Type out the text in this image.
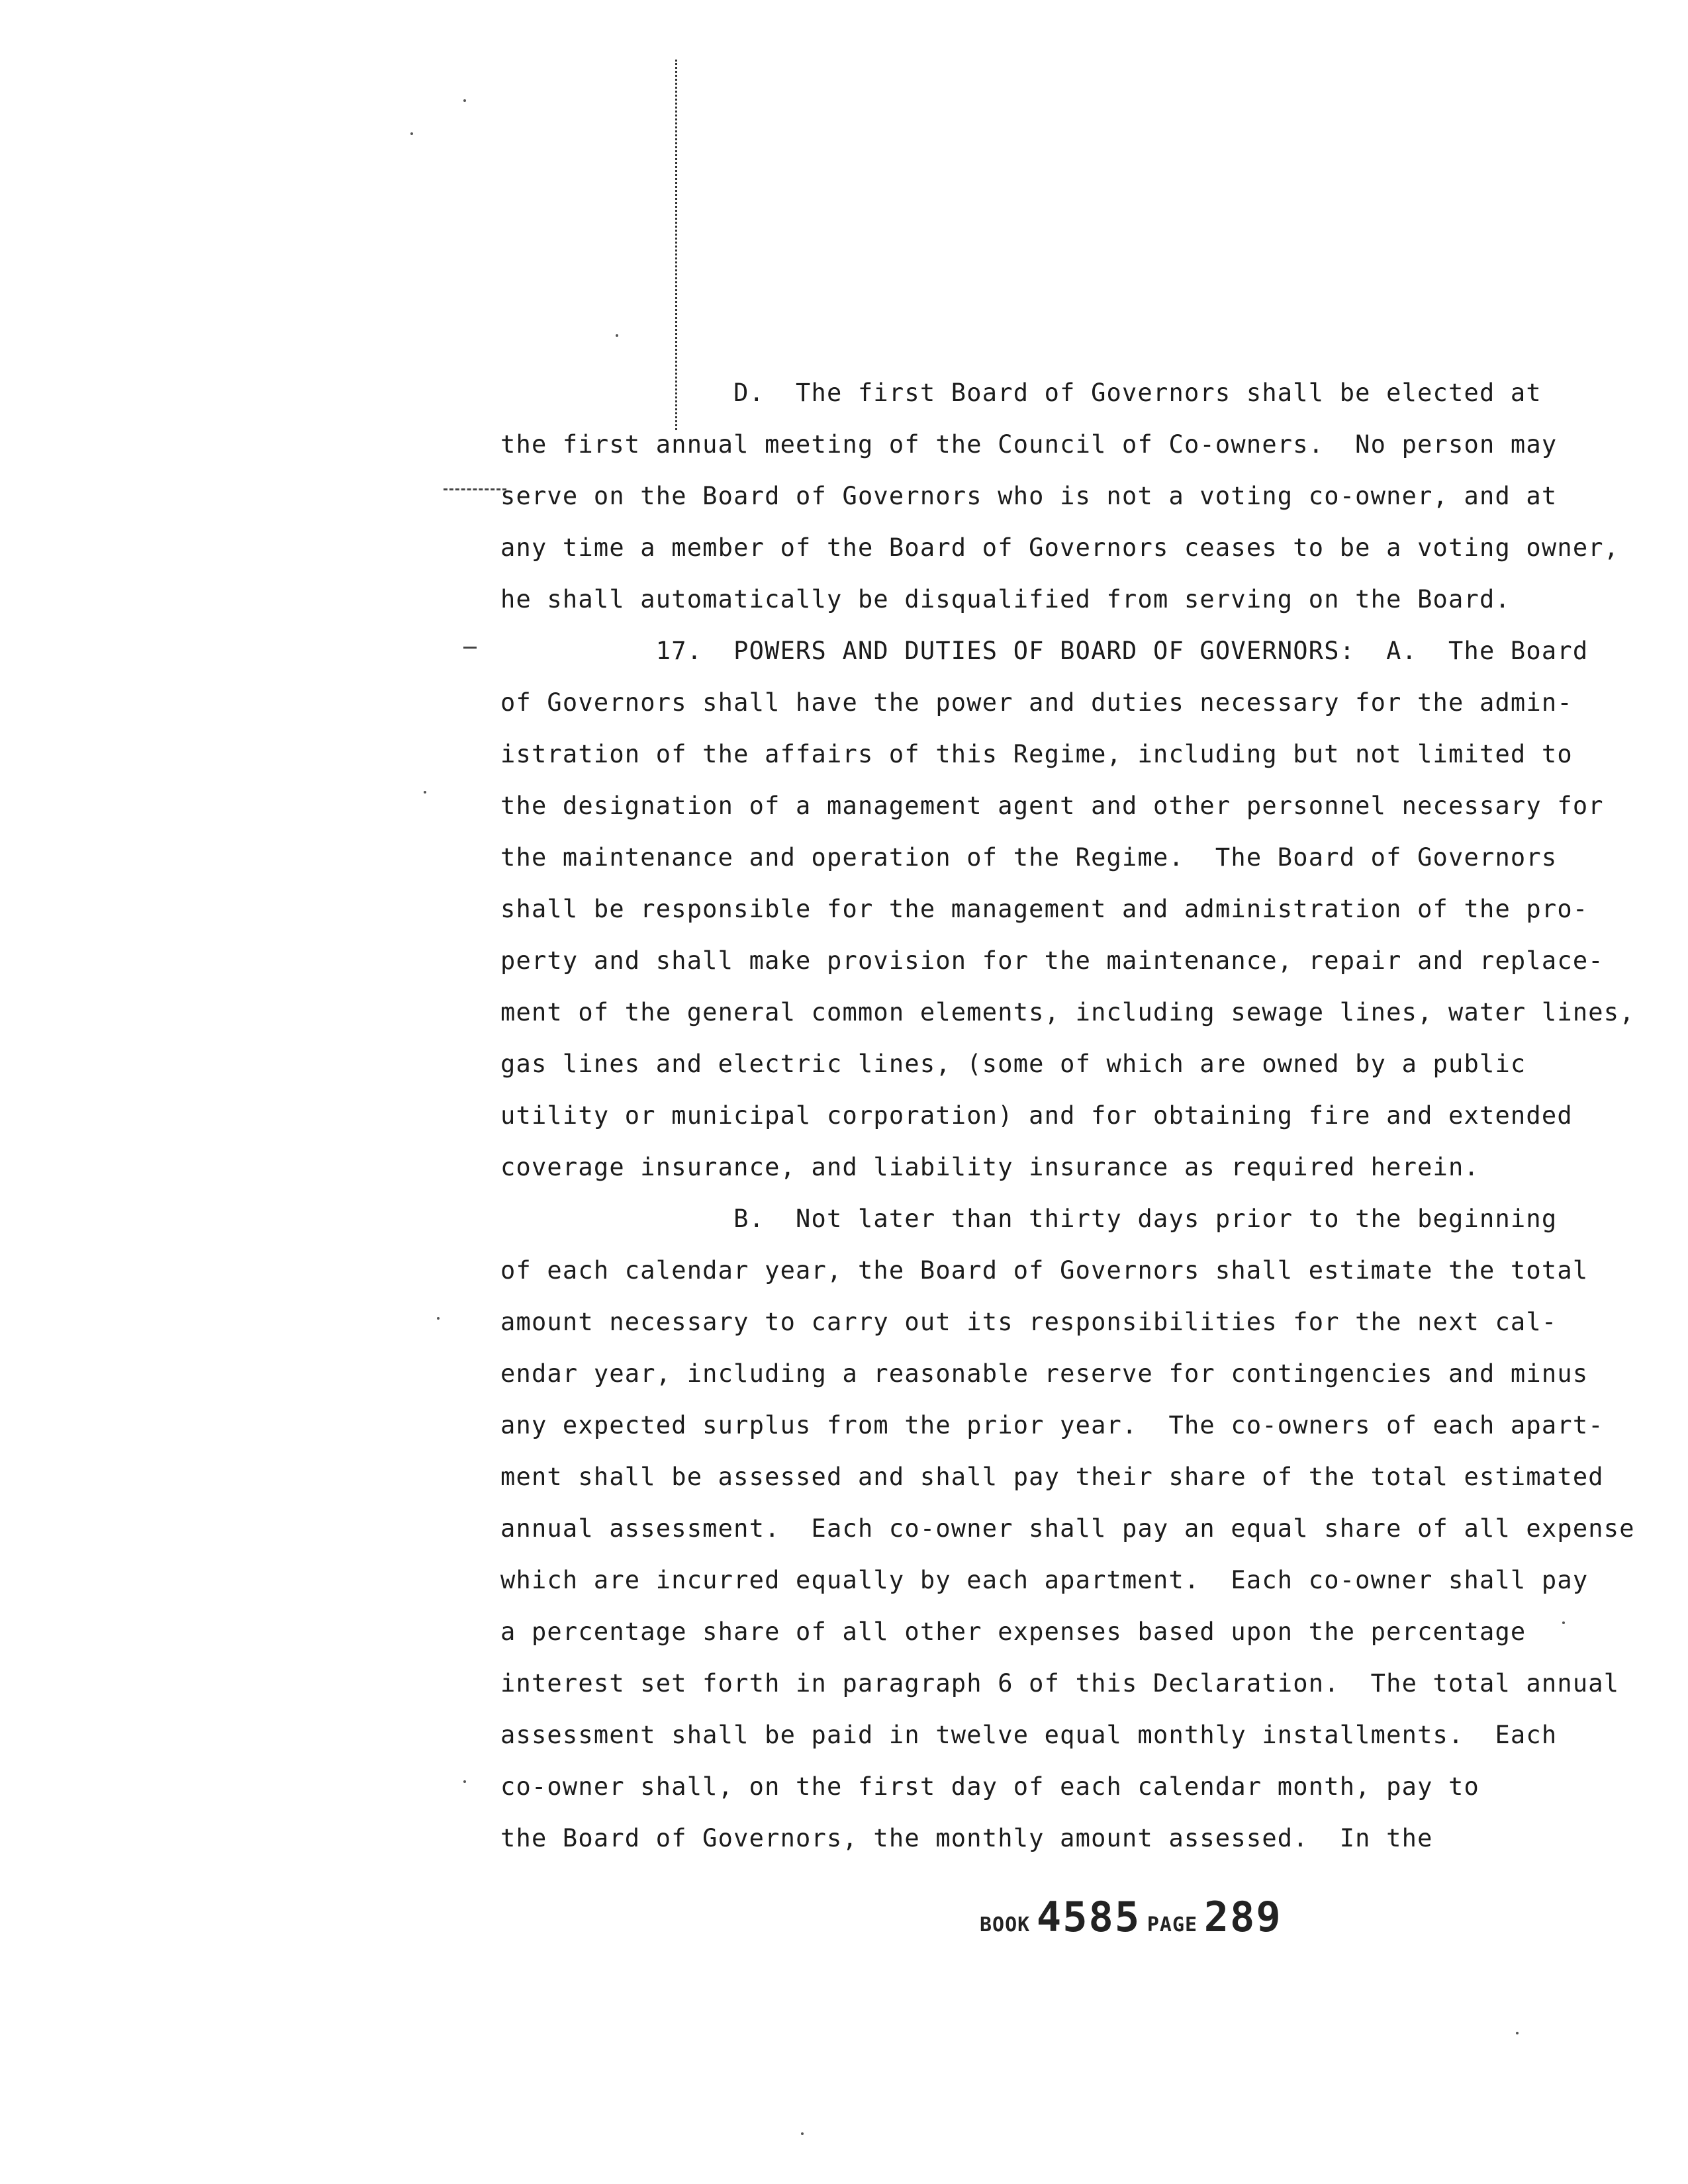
D.  The first Board of Governors shall be elected at
the first annual meeting of the Council of Co-owners.  No person may
serve on the Board of Governors who is not a voting co-owner, and at
any time a member of the Board of Governors ceases to be a voting owner,
he shall automatically be disqualified from serving on the Board.
17.  POWERS AND DUTIES OF BOARD OF GOVERNORS:  A.  The Board
of Governors shall have the power and duties necessary for the admin-
istration of the affairs of this Regime, including but not limited to
the designation of a management agent and other personnel necessary for
the maintenance and operation of the Regime.  The Board of Governors
shall be responsible for the management and administration of the pro-
perty and shall make provision for the maintenance, repair and replace-
ment of the general common elements, including sewage lines, water lines,
gas lines and electric lines, (some of which are owned by a public
utility or municipal corporation) and for obtaining fire and extended
coverage insurance, and liability insurance as required herein.
B.  Not later than thirty days prior to the beginning
of each calendar year, the Board of Governors shall estimate the total
amount necessary to carry out its responsibilities for the next cal-
endar year, including a reasonable reserve for contingencies and minus
any expected surplus from the prior year.  The co-owners of each apart-
ment shall be assessed and shall pay their share of the total estimated
annual assessment.  Each co-owner shall pay an equal share of all expense
which are incurred equally by each apartment.  Each co-owner shall pay
a percentage share of all other expenses based upon the percentage
interest set forth in paragraph 6 of this Declaration.  The total annual
assessment shall be paid in twelve equal monthly installments.  Each
co-owner shall, on the first day of each calendar month, pay to
the Board of Governors, the monthly amount assessed.  In the
BOOK 4585 PAGE 289
